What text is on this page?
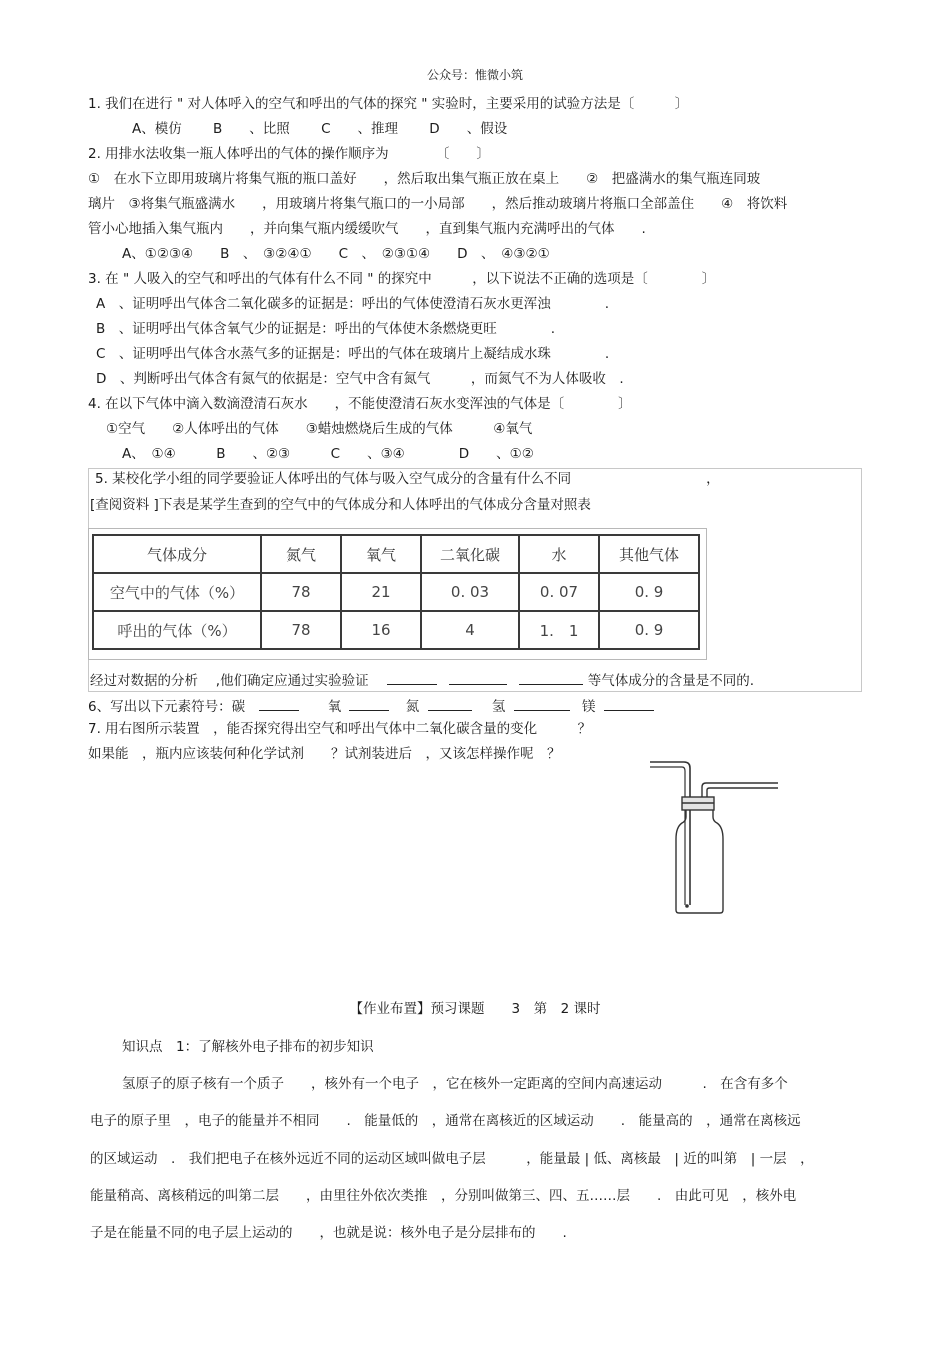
公众号：惟微小筑
1. 我们在进行 " 对人体呼入的空气和呼出的气体的探究 " 实验时，主要采用的试验方法是〔　　　〕
A、模仿　　 B　　、比照　　 C　　、推理　　 D　　、假设
2. 用排水法收集一瓶人体呼出的气体的操作顺序为　　　　〔　　〕
①　在水下立即用玻璃片将集气瓶的瓶口盖好　　，然后取出集气瓶正放在桌上　　②　把盛满水的集气瓶连同玻
璃片　③将集气瓶盛满水　　，用玻璃片将集气瓶口的一小局部　　，然后推动玻璃片将瓶口全部盖住　　④　将饮料
管小心地插入集气瓶内　　，并向集气瓶内缓缓吹气　　，直到集气瓶内充满呼出的气体　　.
A、①②③④　　B　、　③②④①　　C　、　②③①④　　D　、　④③②①
3. 在 " 人吸入的空气和呼出的气体有什么不同 " 的探究中　　　，以下说法不正确的选项是〔　　　　〕
A　、证明呼出气体含二氧化碳多的证据是：呼出的气体使澄清石灰水更浑浊　　　　.
B　、证明呼出气体含氧气少的证据是：呼出的气体使木条燃烧更旺　　　　.
C　、证明呼出气体含水蒸气多的证据是：呼出的气体在玻璃片上凝结成水珠　　　　.
D　、判断呼出气体含有氮气的依据是：空气中含有氮气　　　，而氮气不为人体吸收　.
4. 在以下气体中滴入数滴澄清石灰水　　，不能使澄清石灰水变浑浊的气体是〔　　　　〕
①空气　　②人体呼出的气体　　③蜡烛燃烧后生成的气体　　　④氧气
A、　①④　　　B　　、②③　　　C　　、③④　　　　D　　、①②
5. 某校化学小组的同学要验证人体呼出的气体与吸入空气成分的含量有什么不同　　　　　　　　　　，
[查阅资料 ]下表是某学生查到的空气中的气体成分和人体呼出的气体成分含量对照表
气体成分	氮气	氧气	二氧化碳	水	其他气体
空气中的气体（%）	78	21	0. 03	0. 07	0. 9
呼出的气体（%）	78	16	4	1.　1	0. 9
经过对数据的分析　 ,他们确定应通过实验验证	等气体成分的含量是不同的.
6、写出以下元素符号：碳	氧	氮	氢	镁
7. 用右图所示装置　，能否探究得出空气和呼出气体中二氧化碳含量的变化　　　？
如果能　，瓶内应该装何种化学试剂　　？试剂装进后　，又该怎样操作呢　？
【作业布置】预习课题　　3　第　2 课时
知识点　1：了解核外电子排布的初步知识
氢原子的原子核有一个质子　　，核外有一个电子　，它在核外一定距离的空间内高速运动　　　.　在含有多个
电子的原子里　，电子的能量并不相同　　.　能量低的　，通常在离核近的区域运动　　.　能量高的　，通常在离核远
的区域运动　.　我们把电子在核外远近不同的运动区域叫做电子层　　　，能量最 | 低、离核最　| 近的叫第　| 一层　，
能量稍高、离核稍远的叫第二层　　，由里往外依次类推　，分别叫做第三、四、五……层　　.　由此可见　，核外电
子是在能量不同的电子层上运动的　　，也就是说：核外电子是分层排布的　　.
